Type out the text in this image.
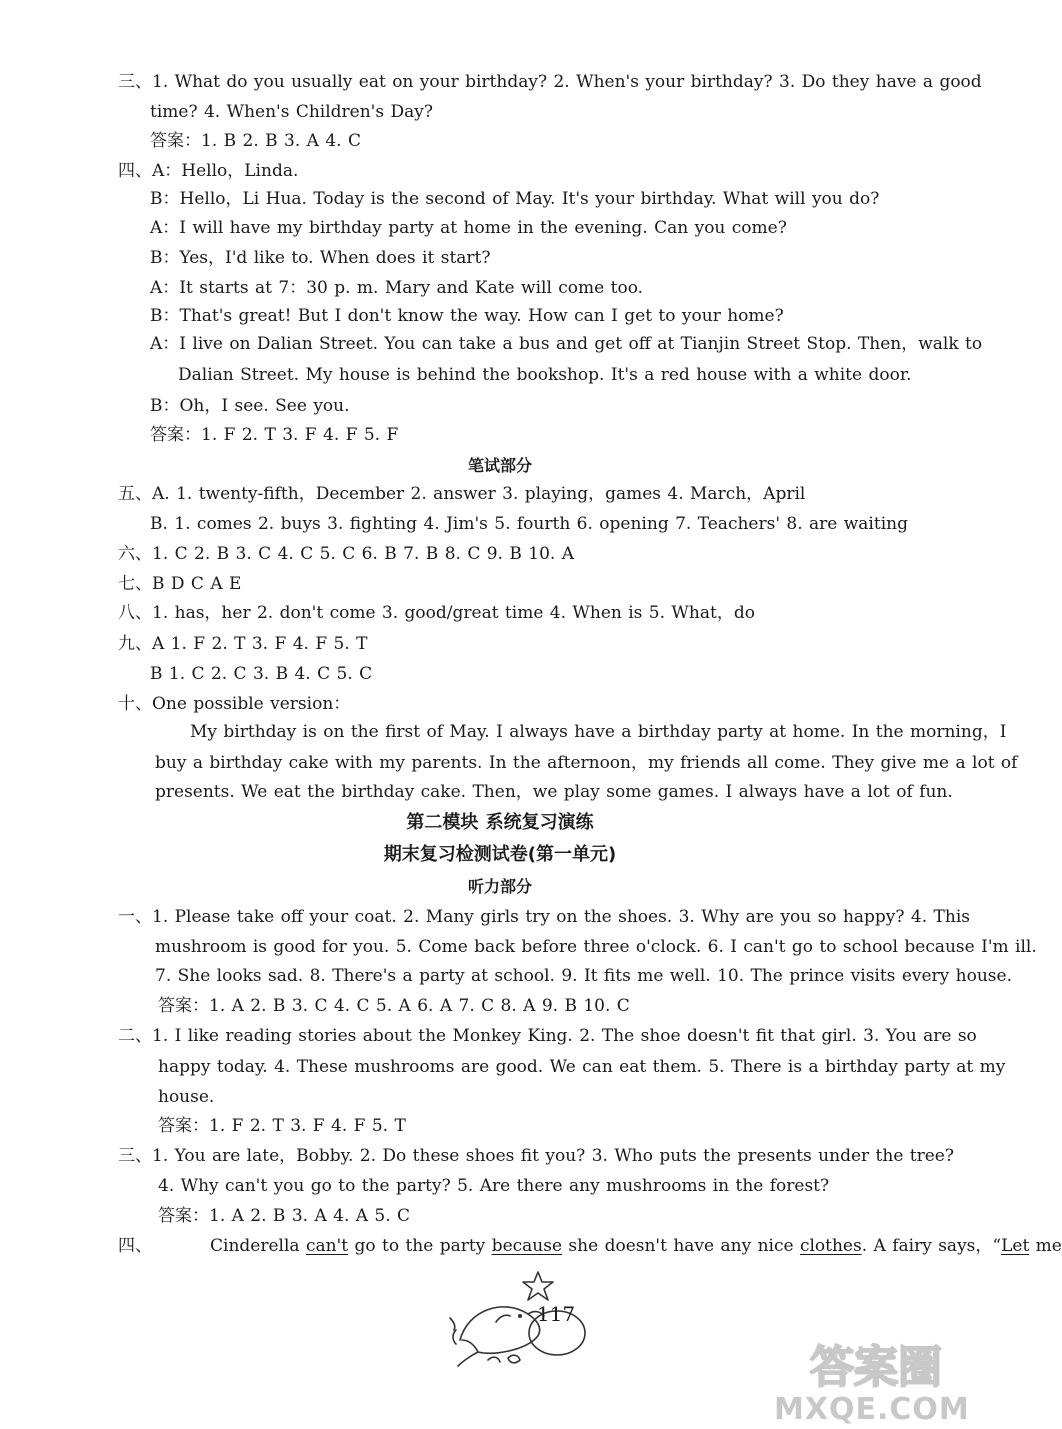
三、1. What do you usually eat on your birthday? 2. When's your birthday? 3. Do they have a good
time? 4. When's Children's Day?
答案：1. B 2. B 3. A 4. C
四、A：Hello，Linda.
B：Hello，Li Hua. Today is the second of May. It's your birthday. What will you do?
A：I will have my birthday party at home in the evening. Can you come?
B：Yes，I'd like to. When does it start?
A：It starts at 7：30 p. m. Mary and Kate will come too.
B：That's great! But I don't know the way. How can I get to your home?
A：I live on Dalian Street. You can take a bus and get off at Tianjin Street Stop. Then，walk to
Dalian Street. My house is behind the bookshop. It's a red house with a white door.
B：Oh，I see. See you.
答案：1. F 2. T 3. F 4. F 5. F
笔试部分
五、A. 1. twenty-fifth，December 2. answer 3. playing，games 4. March，April
B. 1. comes 2. buys 3. fighting 4. Jim's 5. fourth 6. opening 7. Teachers' 8. are waiting
六、1. C 2. B 3. C 4. C 5. C 6. B 7. B 8. C 9. B 10. A
七、B D C A E
八、1. has，her 2. don't come 3. good/great time 4. When is 5. What，do
九、A 1. F 2. T 3. F 4. F 5. T
B 1. C 2. C 3. B 4. C 5. C
十、One possible version：
My birthday is on the first of May. I always have a birthday party at home. In the morning，I
buy a birthday cake with my parents. In the afternoon，my friends all come. They give me a lot of
presents. We eat the birthday cake. Then，we play some games. I always have a lot of fun.
第二模块 系统复习演练
期末复习检测试卷(第一单元)
听力部分
一、1. Please take off your coat. 2. Many girls try on the shoes. 3. Why are you so happy? 4. This
mushroom is good for you. 5. Come back before three o'clock. 6. I can't go to school because I'm ill.
7. She looks sad. 8. There's a party at school. 9. It fits me well. 10. The prince visits every house.
答案：1. A 2. B 3. C 4. C 5. A 6. A 7. C 8. A 9. B 10. C
二、1. I like reading stories about the Monkey King. 2. The shoe doesn't fit that girl. 3. You are so
happy today. 4. These mushrooms are good. We can eat them. 5. There is a birthday party at my
house.
答案：1. F 2. T 3. F 4. F 5. T
三、1. You are late，Bobby. 2. Do these shoes fit you? 3. Who puts the presents under the tree?
4. Why can't you go to the party? 5. Are there any mushrooms in the forest?
答案：1. A 2. B 3. A 4. A 5. C
四、	Cinderella can't go to the party because she doesn't have any nice clothes. A fairy says，“Let me
117
答案圈
MXQE.COM
